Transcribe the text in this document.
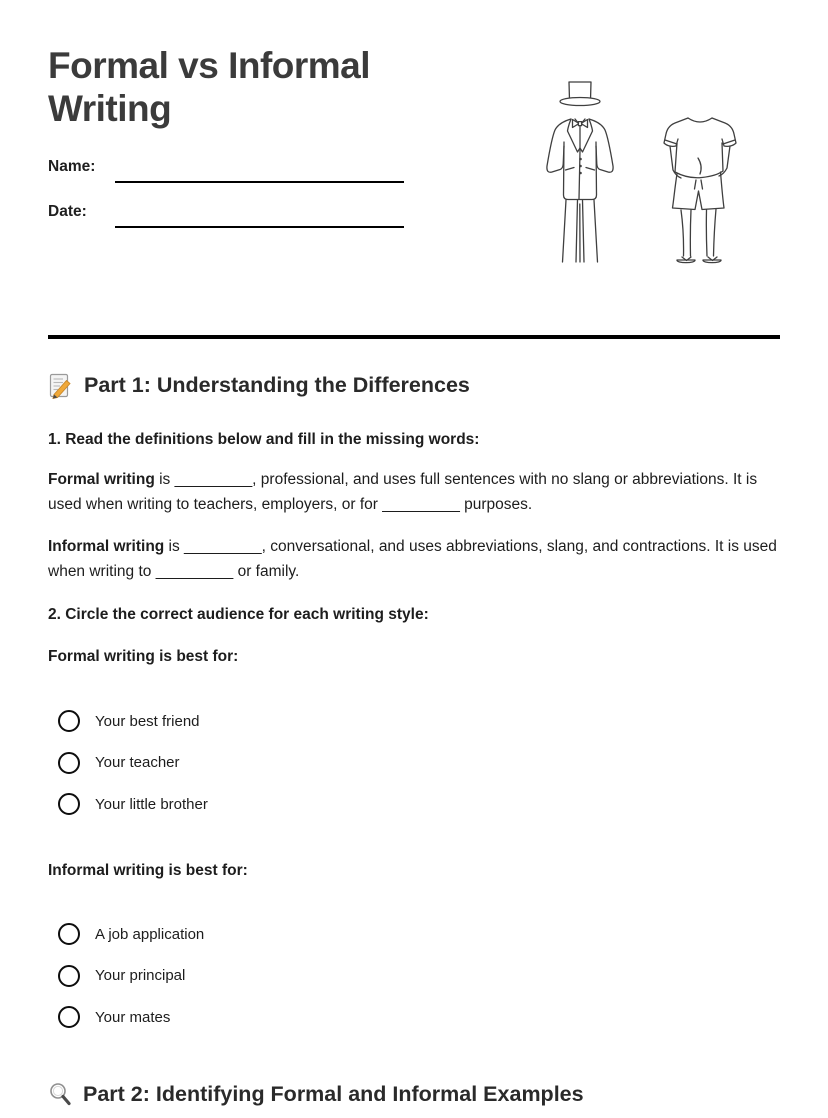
Formal vs Informal Writing
Name:
Date:
Part 1: Understanding the Differences

1. Read the definitions below and fill in the missing words:

Formal writing is _________, professional, and uses full sentences with no slang or abbreviations. It is used when writing to teachers, employers, or for _________ purposes.

Informal writing is _________, conversational, and uses abbreviations, slang, and contractions. It is used when writing to _________ or family.

2. Circle the correct audience for each writing style:

Formal writing is best for:

Your best friend
Your teacher
Your little brother

Informal writing is best for:

A job application
Your principal
Your mates
Part 2: Identifying Formal and Informal Examples
